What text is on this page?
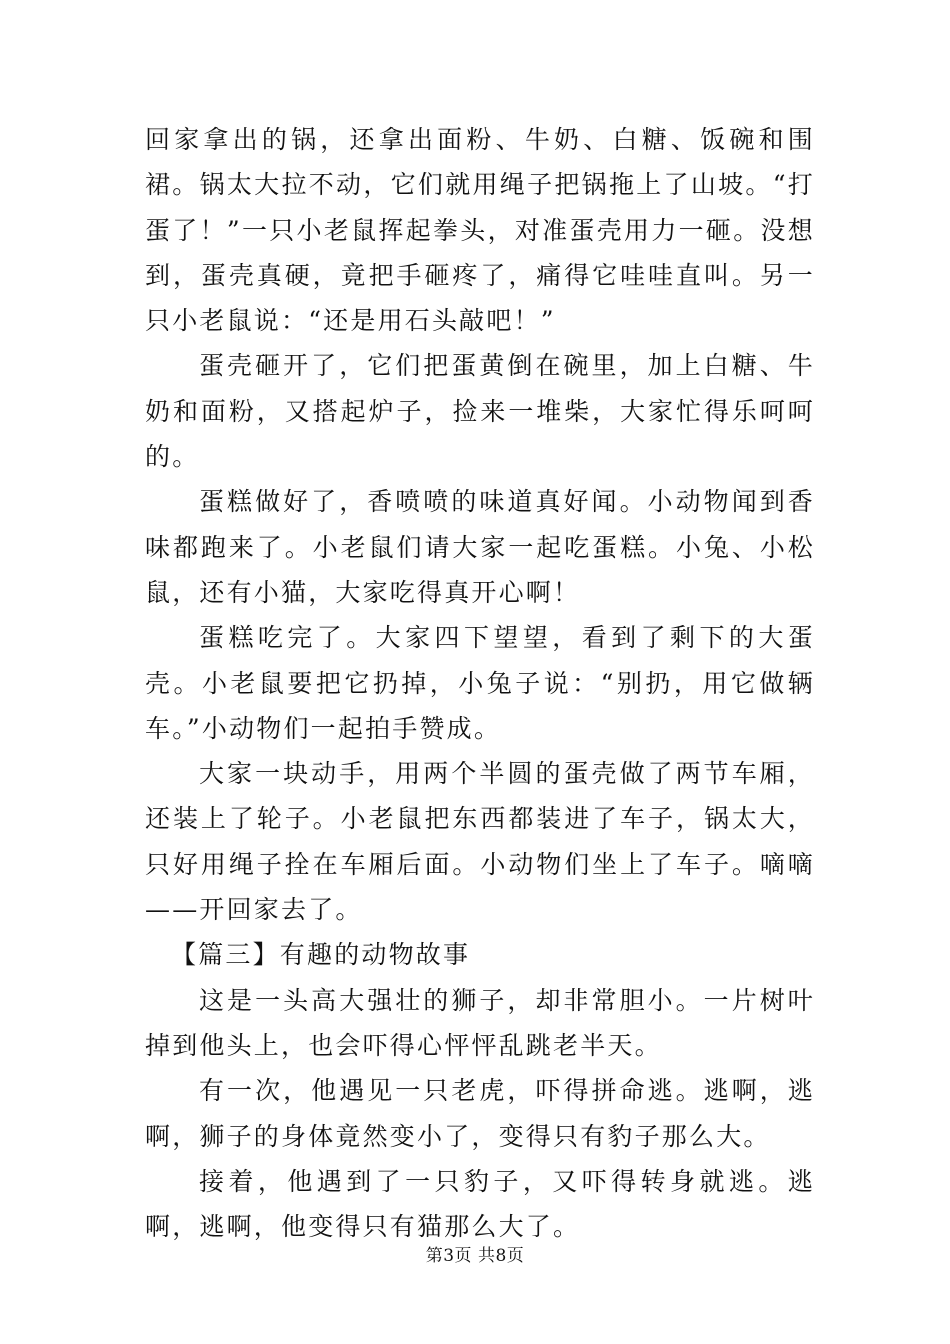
回家拿出的锅，还拿出面粉、牛奶、白糖、饭碗和围裙。锅太大拉不动，它们就用绳子把锅拖上了山坡。“打蛋了！”一只小老鼠挥起拳头，对准蛋壳用力一砸。没想到，蛋壳真硬，竟把手砸疼了，痛得它哇哇直叫。另一只小老鼠说：“还是用石头敲吧！”

蛋壳砸开了，它们把蛋黄倒在碗里，加上白糖、牛奶和面粉，又搭起炉子，捡来一堆柴，大家忙得乐呵呵的。

蛋糕做好了，香喷喷的味道真好闻。小动物闻到香味都跑来了。小老鼠们请大家一起吃蛋糕。小兔、小松鼠，还有小猫，大家吃得真开心啊！

蛋糕吃完了。大家四下望望，看到了剩下的大蛋壳。小老鼠要把它扔掉，小兔子说：“别扔，用它做辆车。”小动物们一起拍手赞成。

大家一块动手，用两个半圆的蛋壳做了两节车厢，还装上了轮子。小老鼠把东西都装进了车子，锅太大，只好用绳子拴在车厢后面。小动物们坐上了车子。嘀嘀——开回家去了。

【篇三】有趣的动物故事

这是一头高大强壮的狮子，却非常胆小。一片树叶掉到他头上，也会吓得心怦怦乱跳老半天。

有一次，他遇见一只老虎，吓得拼命逃。逃啊，逃啊，狮子的身体竟然变小了，变得只有豹子那么大。

接着，他遇到了一只豹子，又吓得转身就逃。逃啊，逃啊，他变得只有猫那么大了。

第3页 共8页
